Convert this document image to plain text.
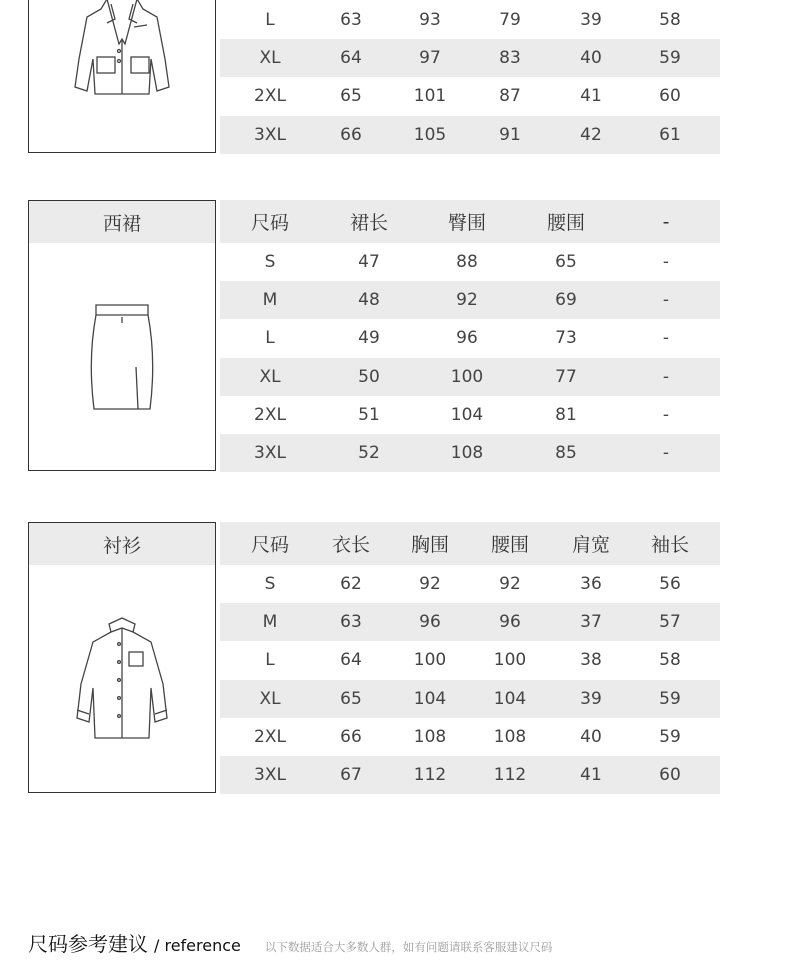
L	63	93	79	39	58
XL	64	97	83	40	59
2XL	65	101	87	41	60
3XL	66	105	91	42	61
西裙	尺码	裙长	臀围	腰围	-
S	47	88	65	-
M	48	92	69	-
L	49	96	73	-
XL	50	100	77	-
2XL	51	104	81	-
3XL	52	108	85	-
衬衫	尺码	衣长	胸围	腰围	肩宽	袖长
S	62	92	92	36	56
M	63	96	96	37	57
L	64	100	100	38	58
XL	65	104	104	39	59
2XL	66	108	108	40	59
3XL	67	112	112	41	60
尺码参考建议 / reference 以下数据适合大多数人群，如有问题请联系客服建议尺码
